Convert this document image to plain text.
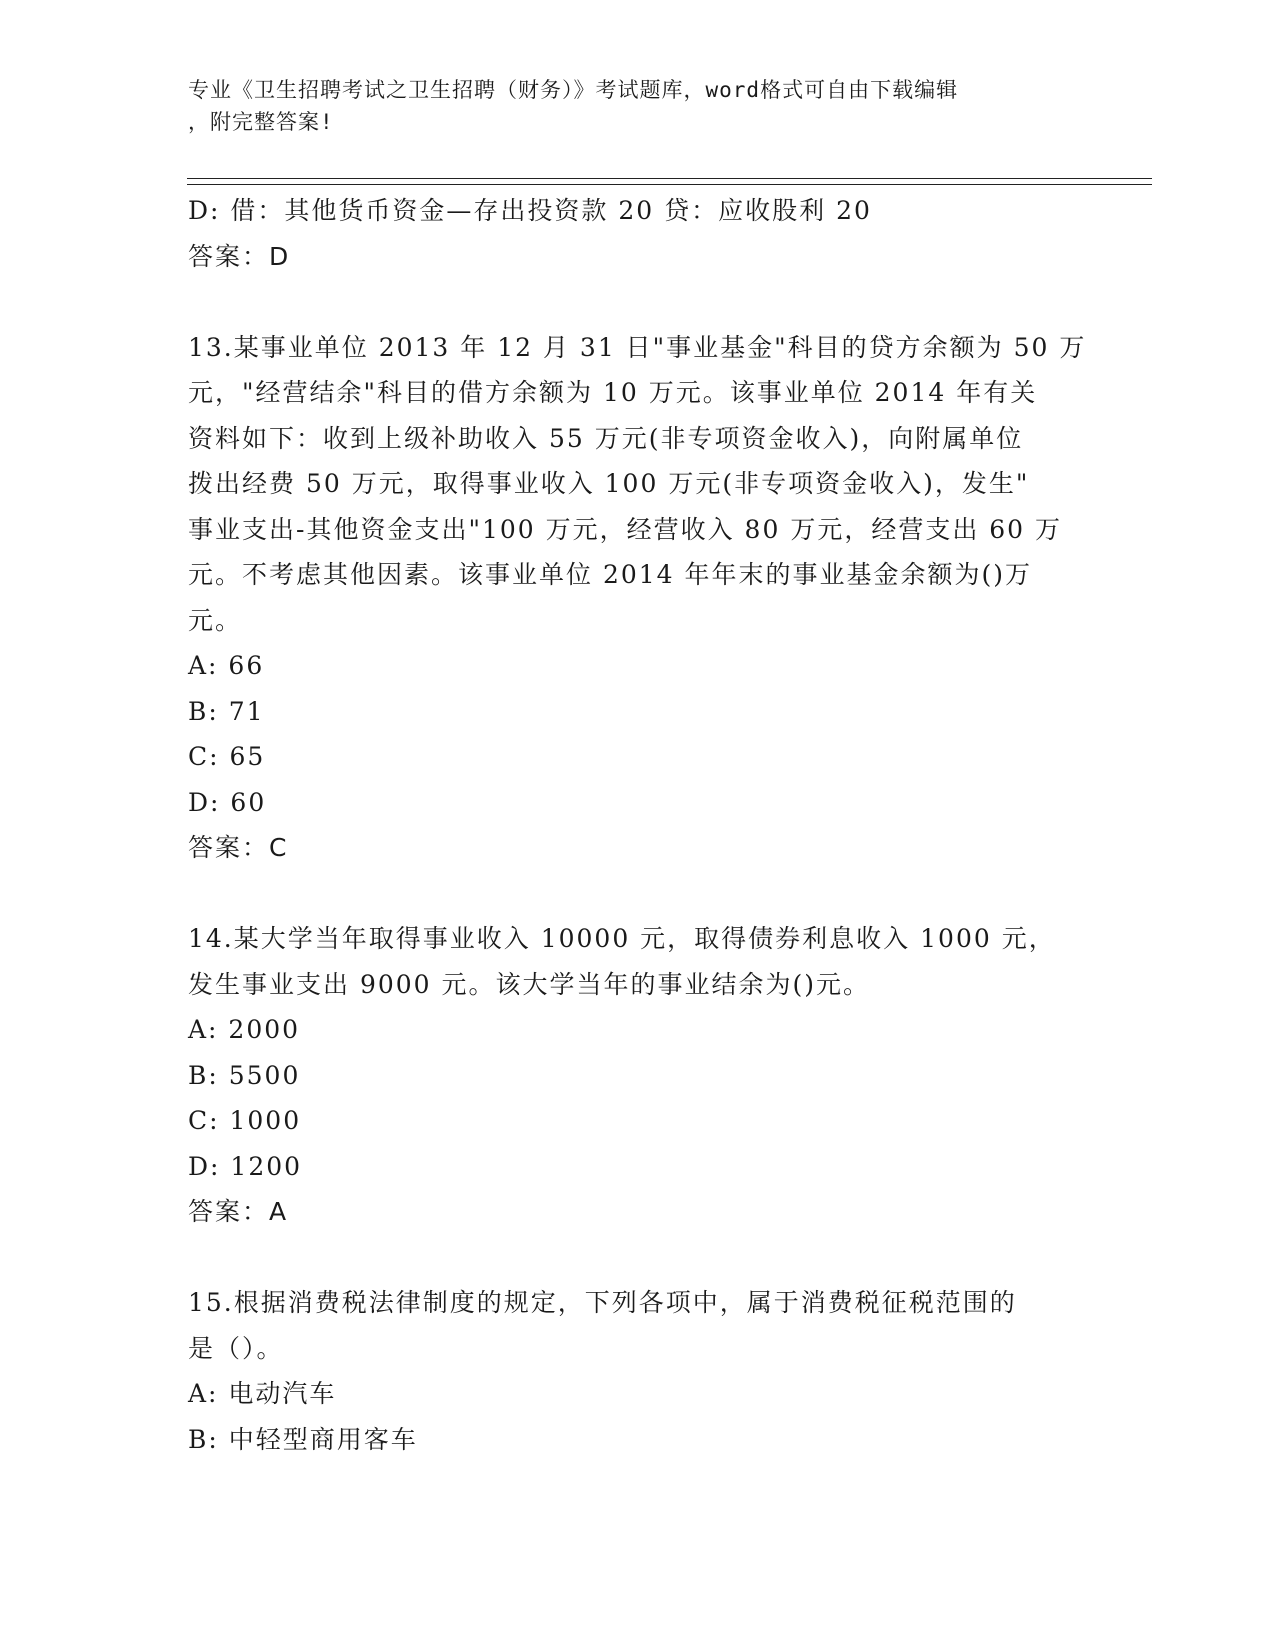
专业《卫生招聘考试之卫生招聘（财务）》考试题库，word格式可自由下载编辑
，附完整答案!
D: 借：其他货币资金—存出投资款 20 贷：应收股利 20
答案：D
13.某事业单位 2013 年 12 月 31 日"事业基金"科目的贷方余额为 50 万
元，"经营结余"科目的借方余额为 10 万元。该事业单位 2014 年有关
资料如下：收到上级补助收入 55 万元(非专项资金收入)，向附属单位
拨出经费 50 万元，取得事业收入 100 万元(非专项资金收入)，发生"
事业支出-其他资金支出"100 万元，经营收入 80 万元，经营支出 60 万
元。不考虑其他因素。该事业单位 2014 年年末的事业基金余额为()万
元。
A: 66
B: 71
C: 65
D: 60
答案：C
14.某大学当年取得事业收入 10000 元，取得债券利息收入 1000 元，
发生事业支出 9000 元。该大学当年的事业结余为()元。
A: 2000
B: 5500
C: 1000
D: 1200
答案：A
15.根据消费税法律制度的规定，下列各项中，属于消费税征税范围的
是（）。
A: 电动汽车
B: 中轻型商用客车
